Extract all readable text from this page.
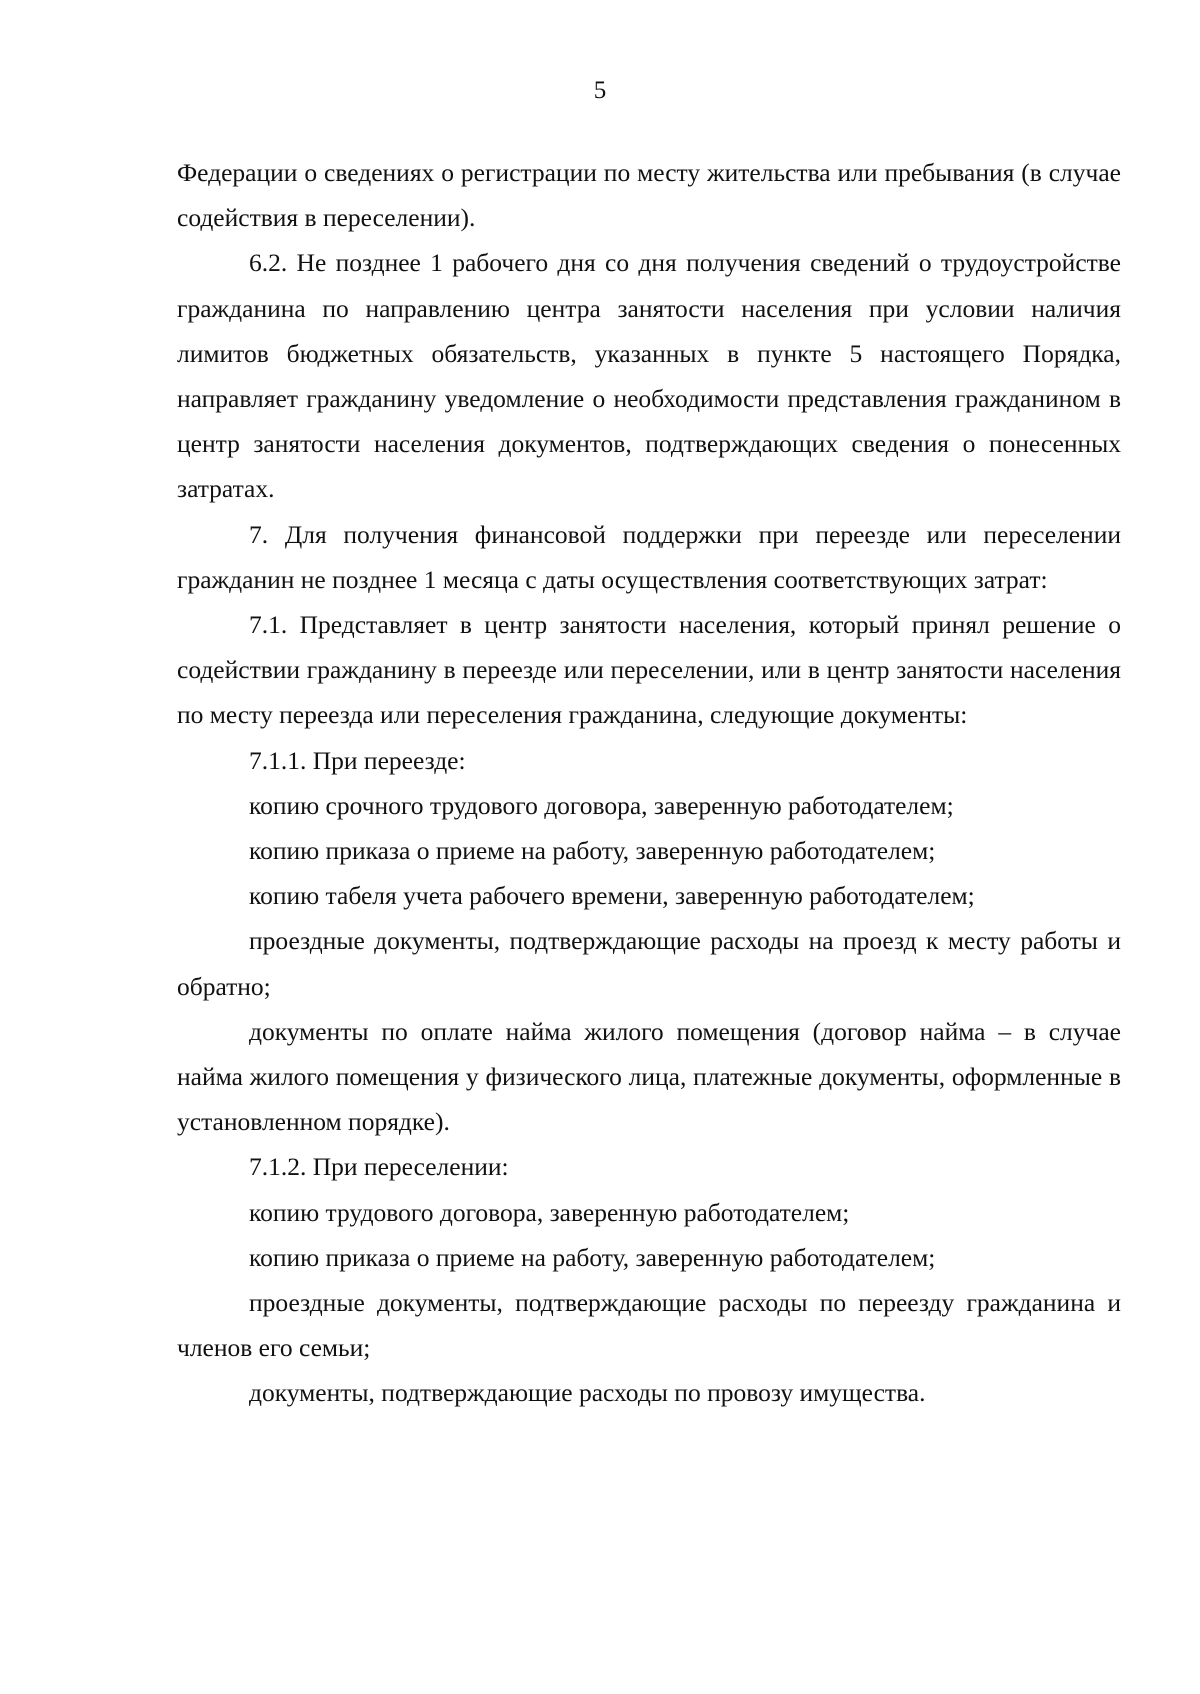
5

Федерации о сведениях о регистрации по месту жительства или пребывания (в случае содействия в переселении).

6.2. Не позднее 1 рабочего дня со дня получения сведений о трудоустройстве гражданина по направлению центра занятости населения при условии наличия лимитов бюджетных обязательств, указанных в пункте 5 настоящего Порядка, направляет гражданину уведомление о необходимости представления гражданином в центр занятости населения документов, подтверждающих сведения о понесенных затратах.

7. Для получения финансовой поддержки при переезде или переселении гражданин не позднее 1 месяца с даты осуществления соответствующих затрат:

7.1. Представляет в центр занятости населения, который принял решение о содействии гражданину в переезде или переселении, или в центр занятости населения по месту переезда или переселения гражданина, следующие документы:

7.1.1. При переезде:

копию срочного трудового договора, заверенную работодателем;

копию приказа о приеме на работу, заверенную работодателем;

копию табеля учета рабочего времени, заверенную работодателем;

проездные документы, подтверждающие расходы на проезд к месту работы и обратно;

документы по оплате найма жилого помещения (договор найма – в случае найма жилого помещения у физического лица, платежные документы, оформленные в установленном порядке).

7.1.2. При переселении:

копию трудового договора, заверенную работодателем;

копию приказа о приеме на работу, заверенную работодателем;

проездные документы, подтверждающие расходы по переезду гражданина и членов его семьи;

документы, подтверждающие расходы по провозу имущества.
